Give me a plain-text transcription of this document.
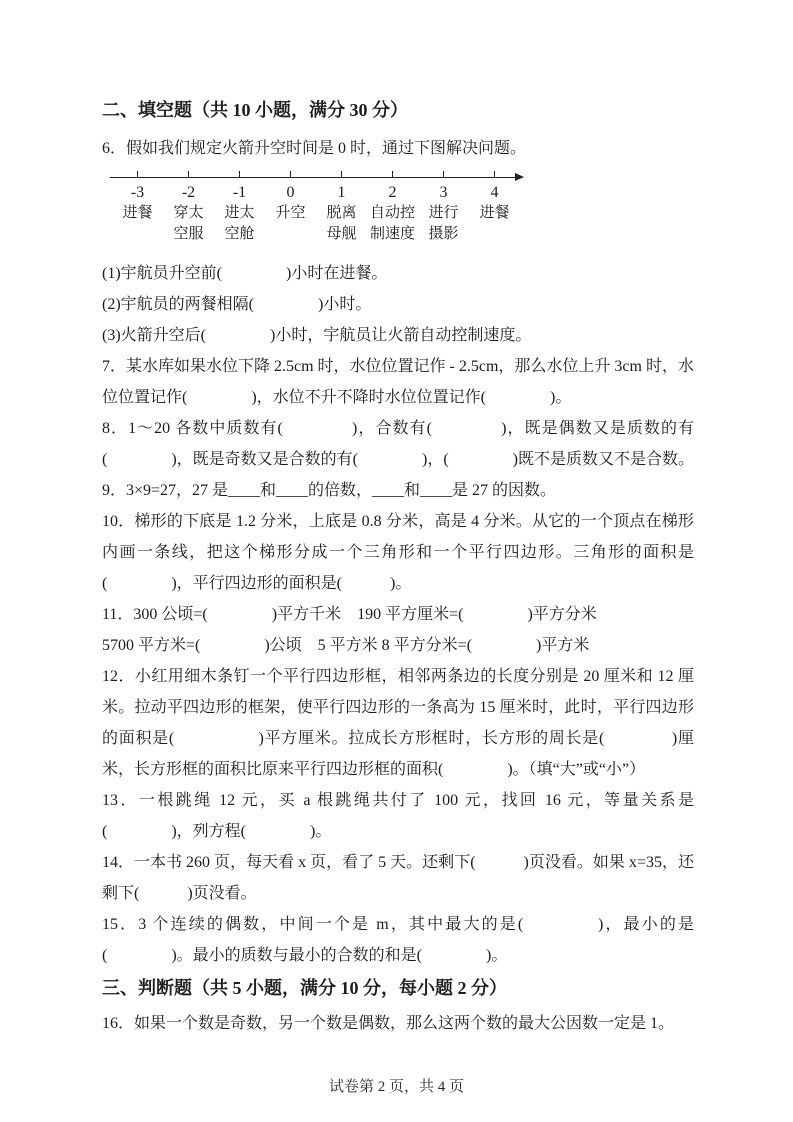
二、填空题（共 10 小题，满分 30 分）

6．假如我们规定火箭升空时间是 0 时，通过下图解决问题。

-3
进餐
-2
穿太
空服
-1
进太
空舱
0
升空
1
脱离
母舰
2
自动控
制速度
3
进行
摄影
4
进餐

(1)宇航员升空前(　　　　)小时在进餐。

(2)宇航员的两餐相隔(　　　　)小时。

(3)火箭升空后(　　　　)小时，宇航员让火箭自动控制速度。

7．某水库如果水位下降 2.5cm 时，水位位置记作 - 2.5cm，那么水位上升 3cm 时，水位位置记作(　　　　)，水位不升不降时水位位置记作(　　　　)。

8．1～20 各数中质数有(　　　　)，合数有(　　　　)，既是偶数又是质数的有(　　　　)，既是奇数又是合数的有(　　　　)，(　　　　)既不是质数又不是合数。

9．3×9=27，27 是____和____的倍数，____和____是 27 的因数。

10．梯形的下底是 1.2 分米，上底是 0.8 分米，高是 4 分米。从它的一个顶点在梯形内画一条线，把这个梯形分成一个三角形和一个平行四边形。三角形的面积是(　　　　)，平行四边形的面积是(　　　)。

11．300 公顷=(　　　　)平方千米　190 平方厘米=(　　　　)平方分米

5700 平方米=(　　　　)公顷　5 平方米 8 平方分米=(　　　　)平方米

12．小红用细木条钉一个平行四边形框，相邻两条边的长度分别是 20 厘米和 12 厘米。拉动平四边形的框架，使平行四边形的一条高为 15 厘米时，此时，平行四边形的面积是(　　　　　)平方厘米。拉成长方形框时，长方形的周长是(　　　　)厘米，长方形框的面积比原来平行四边形框的面积(　　　　)。（填“大”或“小”）

13．一根跳绳 12 元，买 a 根跳绳共付了 100 元，找回 16 元，等量关系是(　　　　)，列方程(　　　　)。

14．一本书 260 页，每天看 x 页，看了 5 天。还剩下(　　　)页没看。如果 x=35，还剩下(　　　)页没看。

15．3 个连续的偶数，中间一个是 m，其中最大的是(　　　　)，最小的是(　　　　)。最小的质数与最小的合数的和是(　　　　)。

三、判断题（共 5 小题，满分 10 分，每小题 2 分）

16．如果一个数是奇数，另一个数是偶数，那么这两个数的最大公因数一定是 1。

试卷第 2 页，共 4 页
